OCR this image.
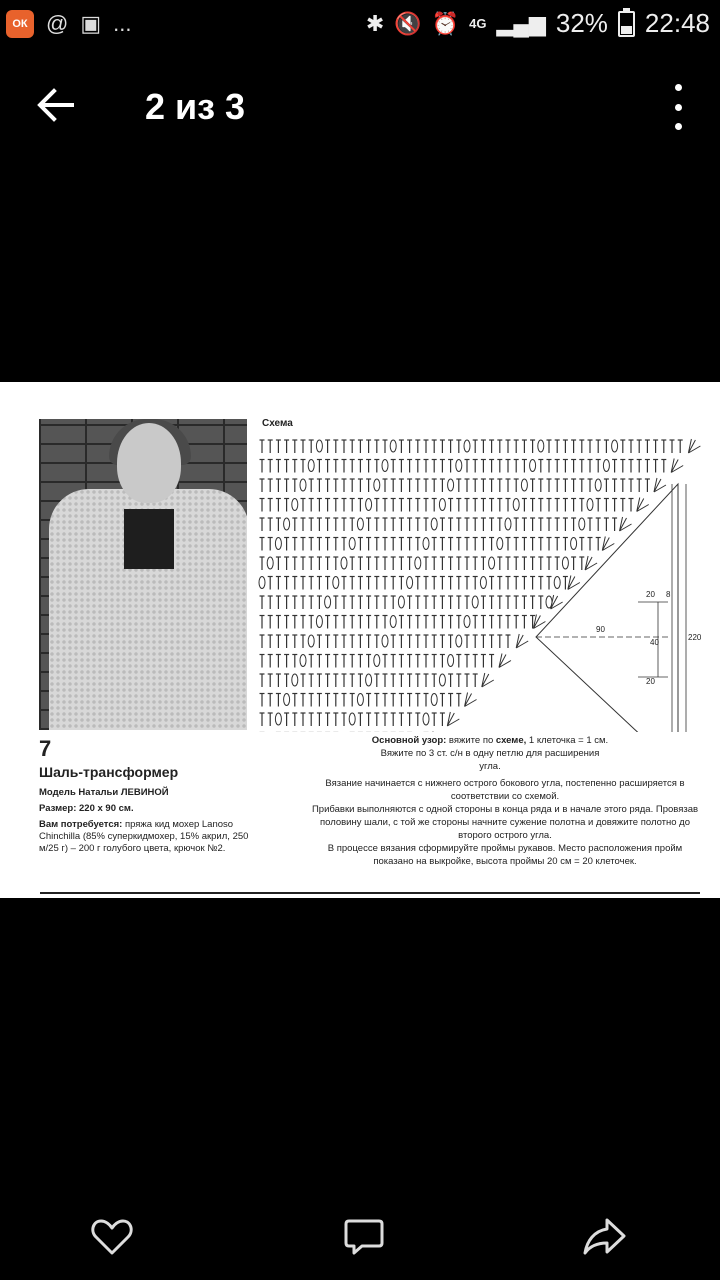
ОК @ ▣ ...	✱ 🔇 ⏰ 4G ▂▄▆ 32% 22:48
2 из 3
7
Шаль-трансформер
Модель Натальи ЛЕВИНОЙ
Размер: 220 х 90 см.
Вам потребуется: пряжа кид мохер Lanoso Chinchilla (85% суперкидмохер, 15% акрил, 250 м/25 г) – 200 г голубого цвета, крючок №2.
Схема
20 8
90
40
220
20
Основной узор: вяжите по схеме, 1 клеточка = 1 см. Вяжите по 3 ст. с/н в одну петлю для расширения угла.
Вязание начинается с нижнего острого бокового угла, постепенно расширяется в соответствии со схемой.
Прибавки выполняются с одной стороны в конца ряда и в начале этого ряда. Провязав половину шали, с той же стороны начните сужение полотна и довяжите полотно до второго острого угла.
В процессе вязания сформируйте проймы рукавов. Место расположения пройм показано на выкройке, высота проймы 20 см = 20 клеточек.
